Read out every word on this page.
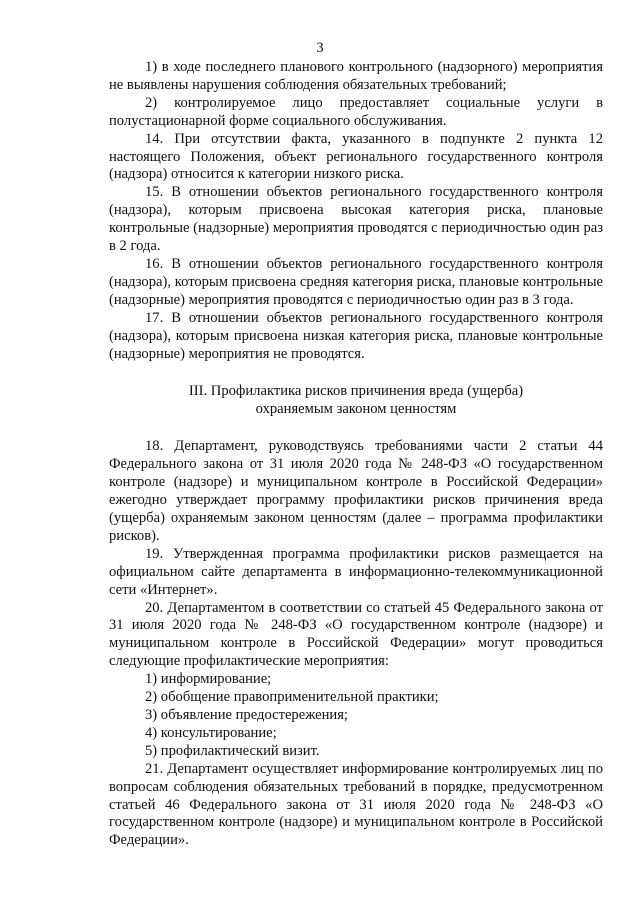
3

1) в ходе последнего планового контрольного (надзорного) мероприятия не выявлены нарушения соблюдения обязательных требований;

2) контролируемое лицо предоставляет социальные услуги в полустационарной форме социального обслуживания.

14. При отсутствии факта, указанного в подпункте 2 пункта 12 настоящего Положения, объект регионального государственного контроля (надзора) относится к категории низкого риска.

15. В отношении объектов регионального государственного контроля (надзора), которым присвоена высокая категория риска, плановые контрольные (надзорные) мероприятия проводятся с периодичностью один раз в 2 года.

16. В отношении объектов регионального государственного контроля (надзора), которым присвоена средняя категория риска, плановые контрольные (надзорные) мероприятия проводятся с периодичностью один раз в 3 года.

17. В отношении объектов регионального государственного контроля (надзора), которым присвоена низкая категория риска, плановые контрольные (надзорные) мероприятия не проводятся.

III. Профилактика рисков причинения вреда (ущерба)
охраняемым законом ценностям

18. Департамент, руководствуясь требованиями части 2 статьи 44 Федерального закона от 31 июля 2020 года № 248-ФЗ «О государственном контроле (надзоре) и муниципальном контроле в Российской Федерации» ежегодно утверждает программу профилактики рисков причинения вреда (ущерба) охраняемым законом ценностям (далее – программа профилактики рисков).

19. Утвержденная программа профилактики рисков размещается на официальном сайте департамента в информационно-телекоммуникационной сети «Интернет».

20. Департаментом в соответствии со статьей 45 Федерального закона от 31 июля 2020 года № 248-ФЗ «О государственном контроле (надзоре) и муниципальном контроле в Российской Федерации» могут проводиться следующие профилактические мероприятия:

1) информирование;
2) обобщение правоприменительной практики;
3) объявление предостережения;
4) консультирование;
5) профилактический визит.

21. Департамент осуществляет информирование контролируемых лиц по вопросам соблюдения обязательных требований в порядке, предусмотренном статьей 46 Федерального закона от 31 июля 2020 года № 248-ФЗ «О государственном контроле (надзоре) и муниципальном контроле в Российской Федерации».
